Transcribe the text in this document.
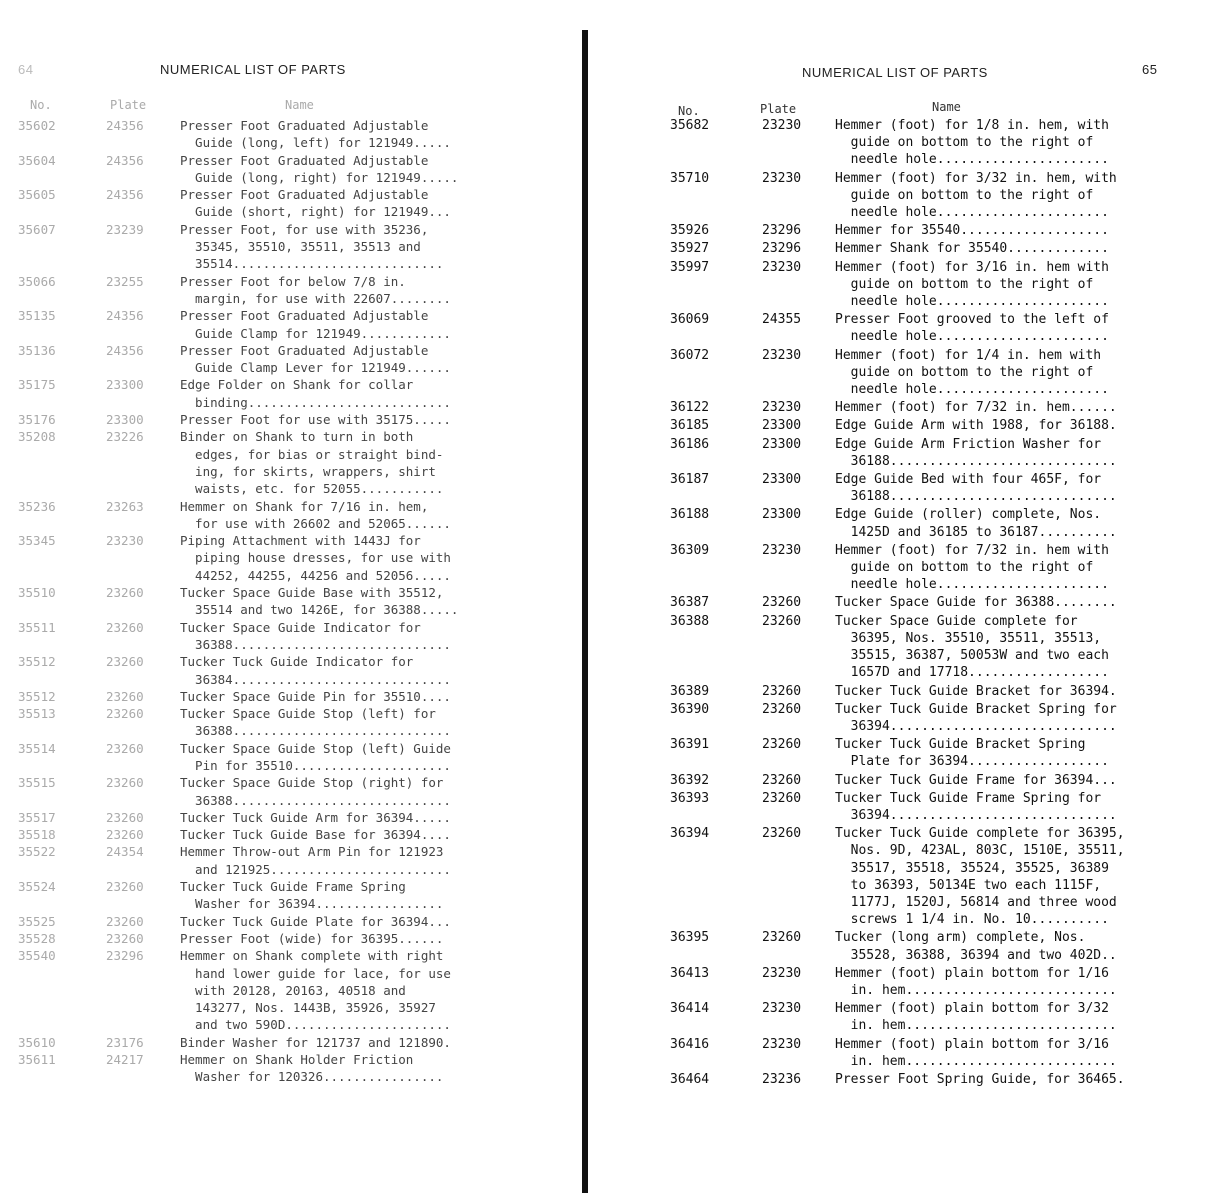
64	NUMERICAL LIST OF PARTS
No.	Plate	Name
35602	24356	Presser Foot Graduated Adjustable
Guide (long, left) for 121949.....
35604	24356	Presser Foot Graduated Adjustable
Guide (long, right) for 121949.....
35605	24356	Presser Foot Graduated Adjustable
Guide (short, right) for 121949...
35607	23239	Presser Foot, for use with 35236,
35345, 35510, 35511, 35513 and
35514............................
35066	23255	Presser Foot for below 7/8 in.
margin, for use with 22607........
35135	24356	Presser Foot Graduated Adjustable
Guide Clamp for 121949............
35136	24356	Presser Foot Graduated Adjustable
Guide Clamp Lever for 121949......
35175	23300	Edge Folder on Shank for collar
binding...........................
35176	23300	Presser Foot for use with 35175.....
35208	23226	Binder on Shank to turn in both
edges, for bias or straight bind-
ing, for skirts, wrappers, shirt
waists, etc. for 52055...........
35236	23263	Hemmer on Shank for 7/16 in. hem,
for use with 26602 and 52065......
35345	23230	Piping Attachment with 1443J for
piping house dresses, for use with
44252, 44255, 44256 and 52056.....
35510	23260	Tucker Space Guide Base with 35512,
35514 and two 1426E, for 36388.....
35511	23260	Tucker Space Guide Indicator for
36388.............................
35512	23260	Tucker Tuck Guide Indicator for
36384.............................
35512	23260	Tucker Space Guide Pin for 35510....
35513	23260	Tucker Space Guide Stop (left) for
36388.............................
35514	23260	Tucker Space Guide Stop (left) Guide
Pin for 35510.....................
35515	23260	Tucker Space Guide Stop (right) for
36388.............................
35517	23260	Tucker Tuck Guide Arm for 36394.....
35518	23260	Tucker Tuck Guide Base for 36394....
35522	24354	Hemmer Throw-out Arm Pin for 121923
and 121925........................
35524	23260	Tucker Tuck Guide Frame Spring
Washer for 36394.................
35525	23260	Tucker Tuck Guide Plate for 36394...
35528	23260	Presser Foot (wide) for 36395......
35540	23296	Hemmer on Shank complete with right
hand lower guide for lace, for use
with 20128, 20163, 40518 and
143277, Nos. 1443B, 35926, 35927
and two 590D......................
35610	23176	Binder Washer for 121737 and 121890.
35611	24217	Hemmer on Shank Holder Friction
Washer for 120326................
NUMERICAL LIST OF PARTS	65
No.	Plate	Name
35682	23230	Hemmer (foot) for 1/8 in. hem, with
guide on bottom to the right of
needle hole......................
35710	23230	Hemmer (foot) for 3/32 in. hem, with
guide on bottom to the right of
needle hole......................
35926	23296	Hemmer for 35540...................
35927	23296	Hemmer Shank for 35540.............
35997	23230	Hemmer (foot) for 3/16 in. hem with
guide on bottom to the right of
needle hole......................
36069	24355	Presser Foot grooved to the left of
needle hole......................
36072	23230	Hemmer (foot) for 1/4 in. hem with
guide on bottom to the right of
needle hole......................
36122	23230	Hemmer (foot) for 7/32 in. hem......
36185	23300	Edge Guide Arm with 1988, for 36188.
36186	23300	Edge Guide Arm Friction Washer for
36188.............................
36187	23300	Edge Guide Bed with four 465F, for
36188.............................
36188	23300	Edge Guide (roller) complete, Nos.
1425D and 36185 to 36187..........
36309	23230	Hemmer (foot) for 7/32 in. hem with
guide on bottom to the right of
needle hole......................
36387	23260	Tucker Space Guide for 36388........
36388	23260	Tucker Space Guide complete for
36395, Nos. 35510, 35511, 35513,
35515, 36387, 50053W and two each
1657D and 17718..................
36389	23260	Tucker Tuck Guide Bracket for 36394.
36390	23260	Tucker Tuck Guide Bracket Spring for
36394.............................
36391	23260	Tucker Tuck Guide Bracket Spring
Plate for 36394..................
36392	23260	Tucker Tuck Guide Frame for 36394...
36393	23260	Tucker Tuck Guide Frame Spring for
36394.............................
36394	23260	Tucker Tuck Guide complete for 36395,
Nos. 9D, 423AL, 803C, 1510E, 35511,
35517, 35518, 35524, 35525, 36389
to 36393, 50134E two each 1115F,
1177J, 1520J, 56814 and three wood
screws 1 1/4 in. No. 10..........
36395	23260	Tucker (long arm) complete, Nos.
35528, 36388, 36394 and two 402D..
36413	23230	Hemmer (foot) plain bottom for 1/16
in. hem...........................
36414	23230	Hemmer (foot) plain bottom for 3/32
in. hem...........................
36416	23230	Hemmer (foot) plain bottom for 3/16
in. hem...........................
36464	23236	Presser Foot Spring Guide, for 36465.
